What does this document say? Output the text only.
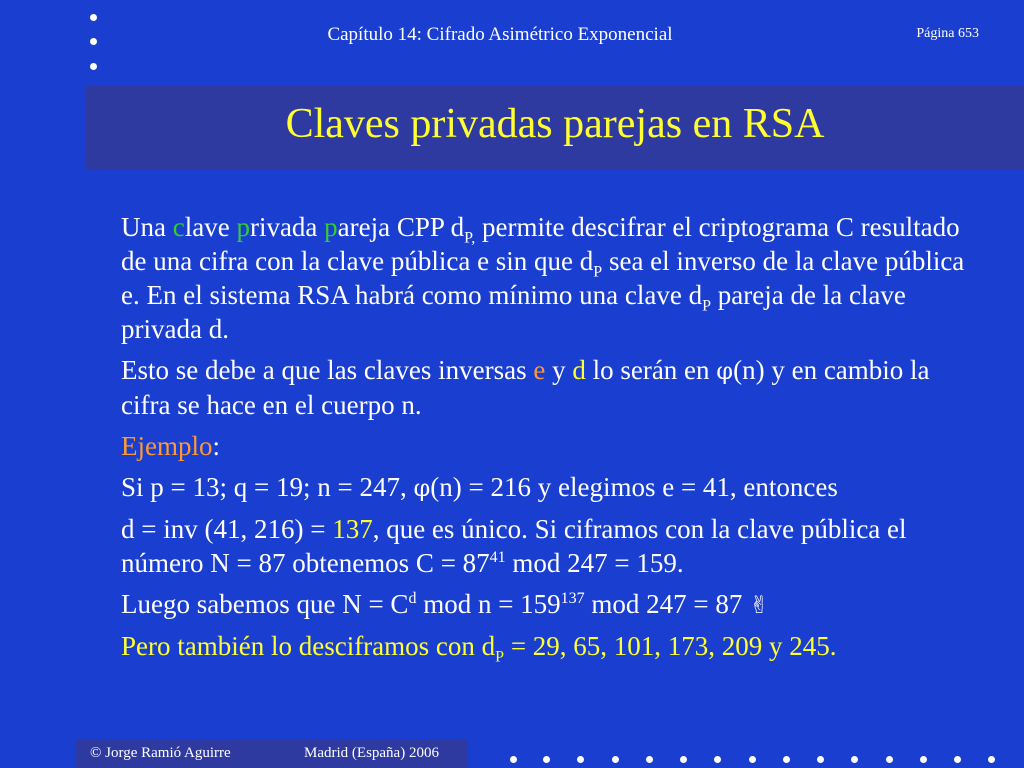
Capítulo 14: Cifrado Asimétrico Exponencial	Página 653
Claves privadas parejas en RSA

Una clave privada pareja CPP $d_{P,}$ permite descifrar el criptograma C resultado de una cifra con la clave pública e sin que $d_P$ sea el inverso de la clave pública e. En el sistema RSA habrá como mínimo una clave $d_P$ pareja de la clave privada d.

Esto se debe a que las claves inversas e y d lo serán en φ(n) y en cambio la cifra se hace en el cuerpo n.

Ejemplo:

Si p = 13; q = 19; n = 247, φ(n) = 216 y elegimos e = 41, entonces

d = inv (41, 216) = 137, que es único. Si ciframos con la clave pública el número N = 87 obtenemos $C = 87^{41}$ mod 247 = 159.

Luego sabemos que $N = C^d$ mod $n = 159^{137}$ mod 247 = 87 ✌

Pero también lo desciframos con $d_P = 29$, 65, 101, 173, 209 y 245.

© Jorge Ramió Aguirre	Madrid (España) 2006
